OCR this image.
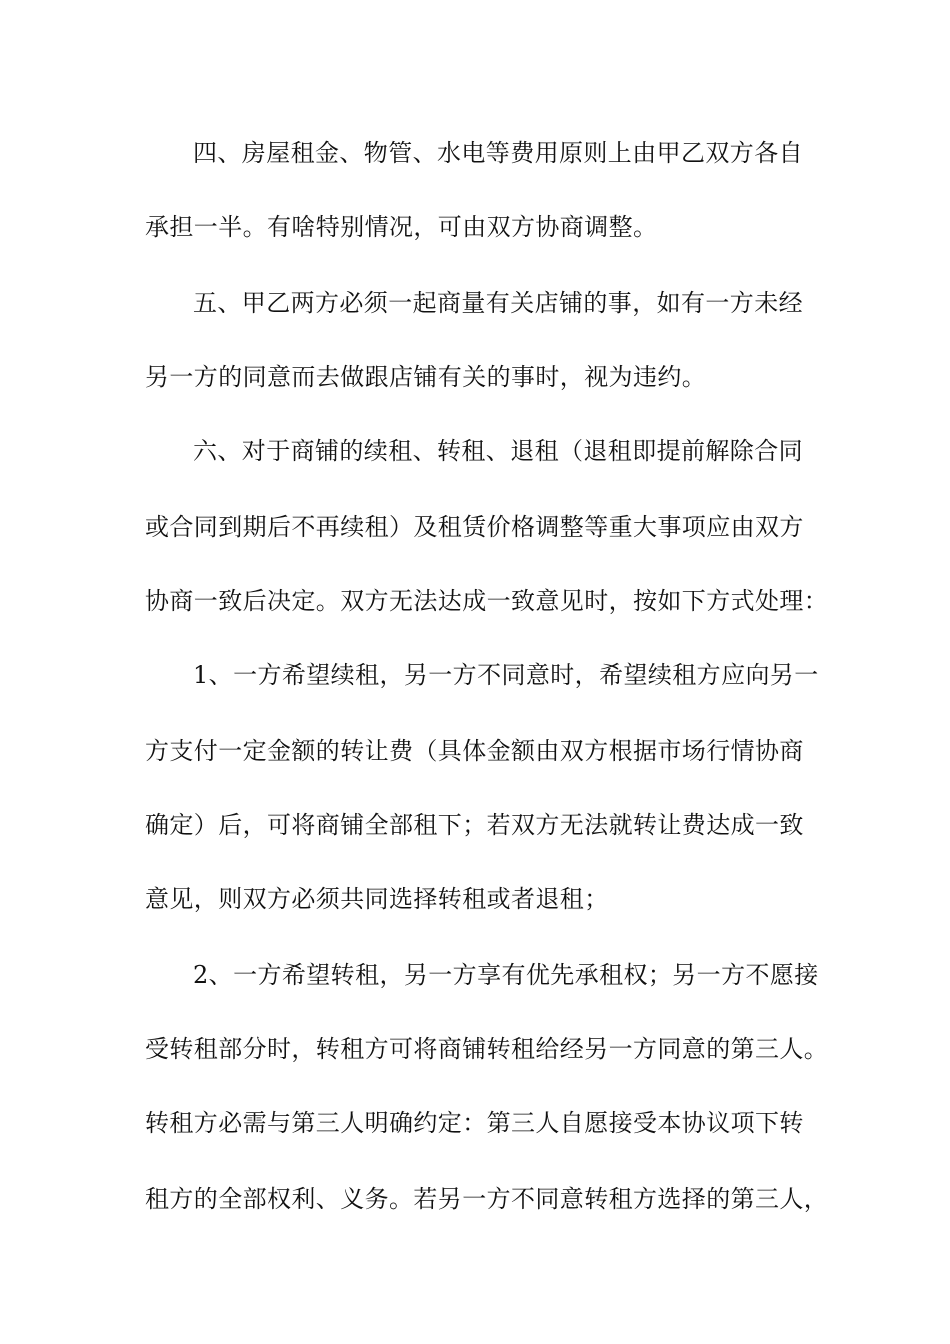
四、房屋租金、物管、水电等费用原则上由甲乙双方各自
承担一半。有啥特别情况，可由双方协商调整。
五、甲乙两方必须一起商量有关店铺的事，如有一方未经
另一方的同意而去做跟店铺有关的事时，视为违约。
六、对于商铺的续租、转租、退租（退租即提前解除合同
或合同到期后不再续租）及租赁价格调整等重大事项应由双方
协商一致后决定。双方无法达成一致意见时，按如下方式处理：
1、一方希望续租，另一方不同意时，希望续租方应向另一
方支付一定金额的转让费（具体金额由双方根据市场行情协商
确定）后，可将商铺全部租下；若双方无法就转让费达成一致
意见，则双方必须共同选择转租或者退租；
2、一方希望转租，另一方享有优先承租权；另一方不愿接
受转租部分时，转租方可将商铺转租给经另一方同意的第三人。
转租方必需与第三人明确约定：第三人自愿接受本协议项下转
租方的全部权利、义务。若另一方不同意转租方选择的第三人，
